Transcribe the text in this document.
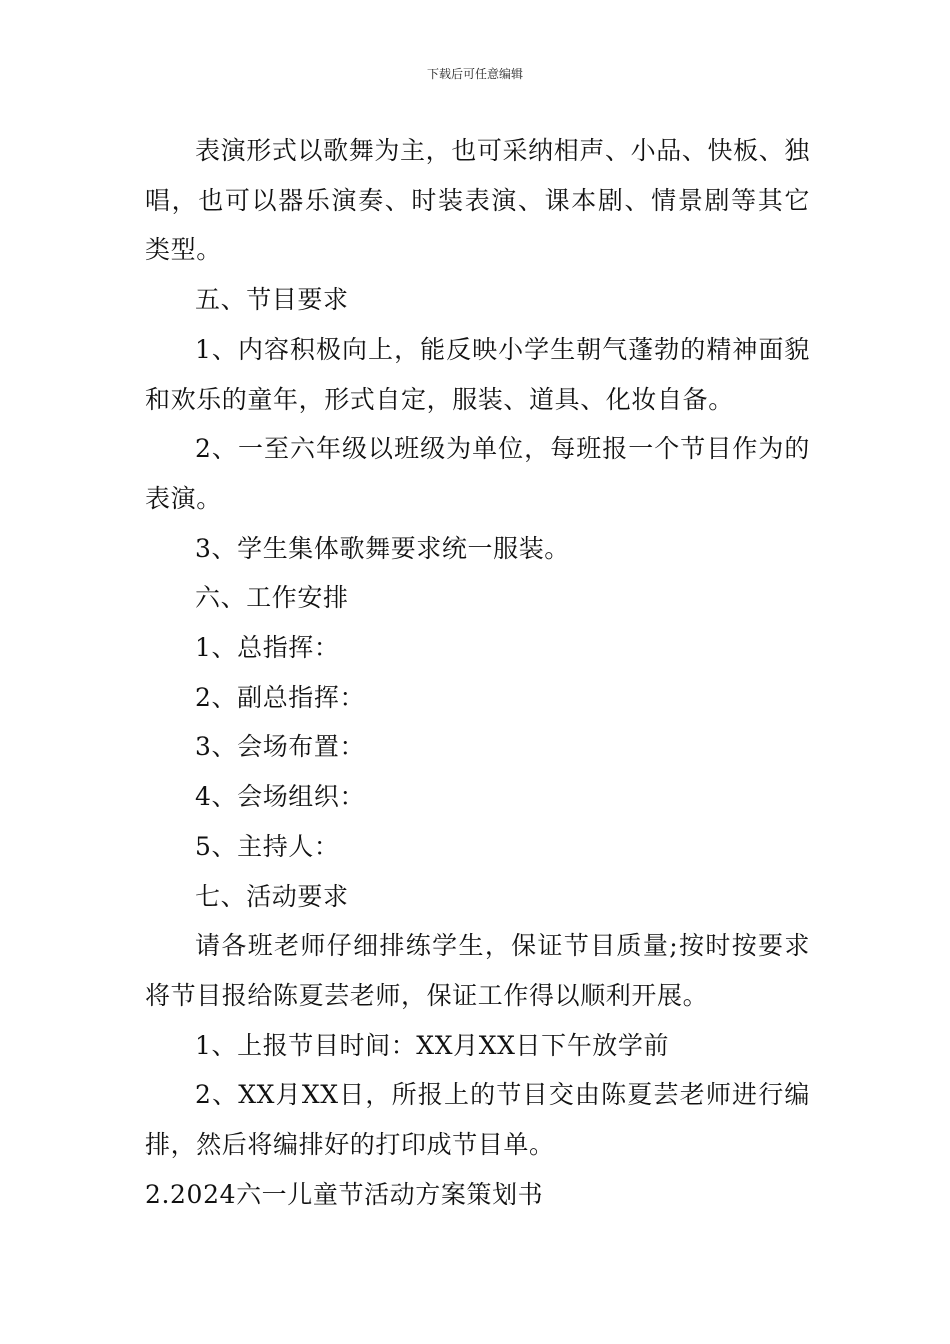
下载后可任意编辑

表演形式以歌舞为主，也可采纳相声、小品、快板、独唱，也可以器乐演奏、时装表演、课本剧、情景剧等其它类型。

五、节目要求

1、内容积极向上，能反映小学生朝气蓬勃的精神面貌和欢乐的童年，形式自定，服装、道具、化妆自备。

2、一至六年级以班级为单位，每班报一个节目作为的表演。

3、学生集体歌舞要求统一服装。

六、工作安排

1、总指挥：

2、副总指挥：

3、会场布置：

4、会场组织：

5、主持人：

七、活动要求

请各班老师仔细排练学生，保证节目质量;按时按要求将节目报给陈夏芸老师，保证工作得以顺利开展。

1、上报节目时间：XX月XX日下午放学前

2、XX月XX日，所报上的节目交由陈夏芸老师进行编排，然后将编排好的打印成节目单。

2.2024六一儿童节活动方案策划书
